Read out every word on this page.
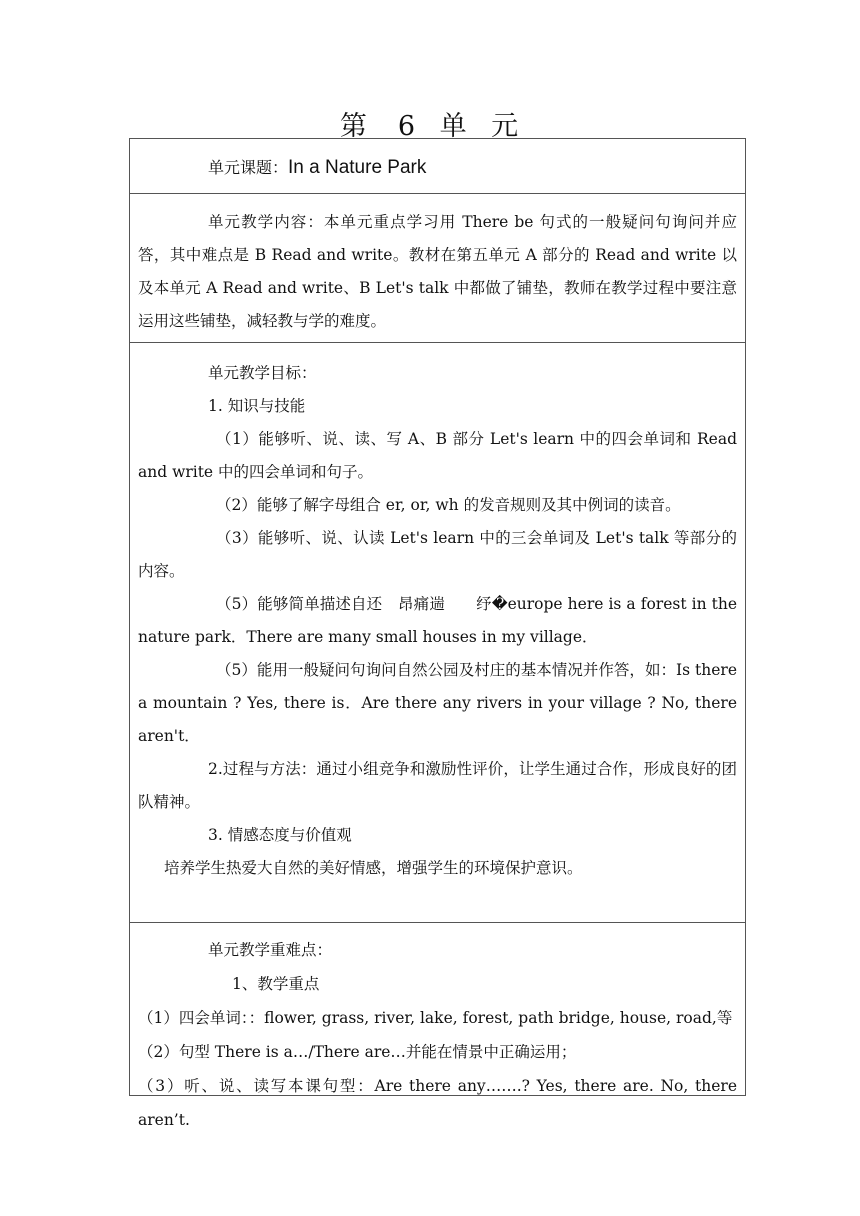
第　6 单 元
单元课题：In a Nature Park

单元教学内容：本单元重点学习用 There be 句式的一般疑问句询问并应答，其中难点是 B Read and write。教材在第五单元 A 部分的 Read and write 以及本单元 A Read and write、B Let's talk 中都做了铺垫，教师在教学过程中要注意运用这些铺垫，减轻教与学的难度。

单元教学目标：

1. 知识与技能

（1）能够听、说、读、写 A、B 部分 Let's learn 中的四会单词和 Read and write 中的四会单词和句子。

（2）能够了解字母组合 er, or, wh 的发音规则及其中例词的读音。

（3）能够听、说、认读 Let's learn 中的三会单词及 Let's talk 等部分的内容。

（5）能够简单描述自还　昂痛遄　　纾�europe here is a forest in the nature park．There are many small houses in my village．

（5）能用一般疑问句询问自然公园及村庄的基本情况并作答，如：Is there a mountain ? Yes, there is．Are there any rivers in your village ? No, there aren't．

2.过程与方法：通过小组竞争和激励性评价，让学生通过合作，形成良好的团队精神。

3. 情感态度与价值观

培养学生热爱大自然的美好情感，增强学生的环境保护意识。

单元教学重难点：

1、教学重点

（1）四会单词：：flower, grass, river, lake, forest, path bridge, house, road,等

（2）句型 There is a…/There are…并能在情景中正确运用；

（3）听、说、读写本课句型：Are there any…….? Yes, there are. No, there aren’t.
